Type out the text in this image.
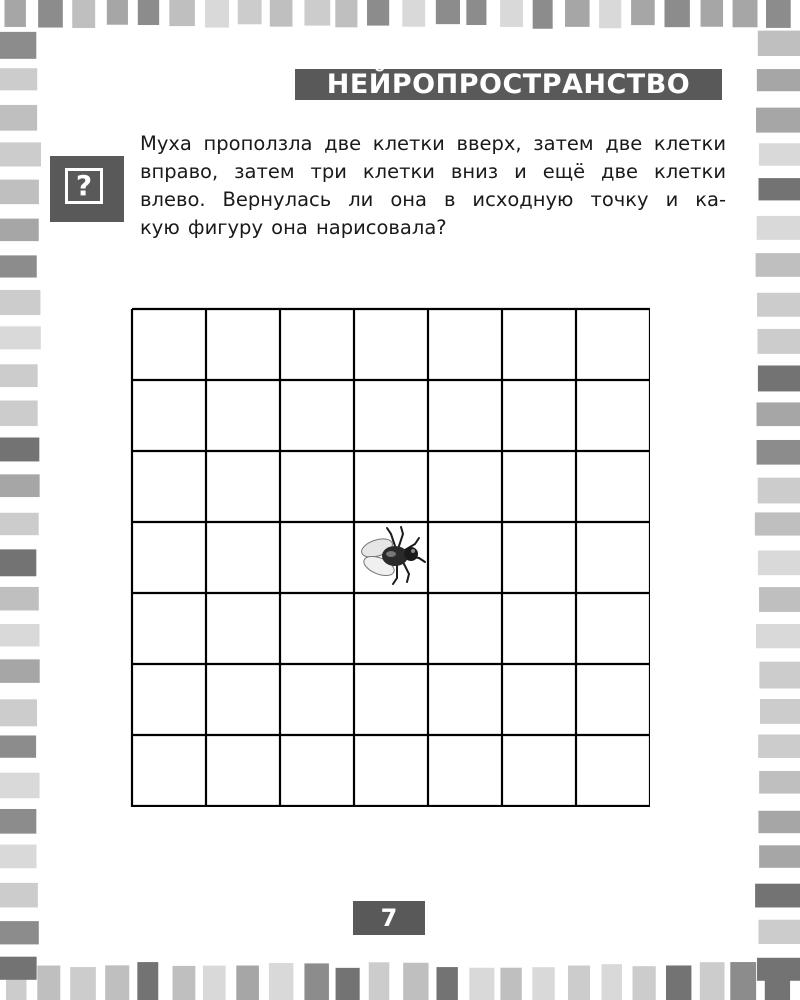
НЕЙРОПРОСТРАНСТВО
?

Муха проползла две клетки вверх, затем две клетки
вправо, затем три клетки вниз и ещё две клетки
влево. Вернулась ли она в исходную точку и ка-
кую фигуру она нарисовала?

7
